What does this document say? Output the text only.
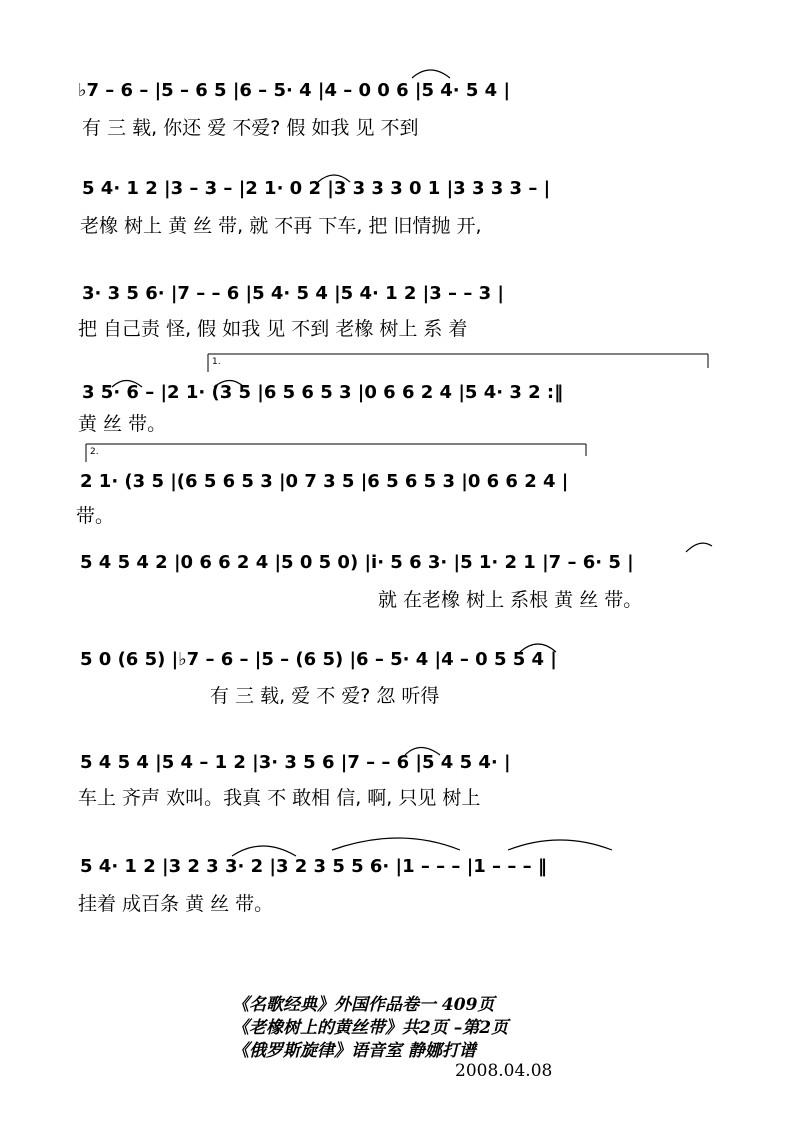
♭7 – 6 – |5 – 6 5 |6 – 5· 4 |4 – 0 0 6 |5 4· 5 4 |
有 三 载, 你还 爱 不爱? 假 如我 见 不到
5 4· 1 2 |3 – 3 – |2 1· 0 2 |3 3 3 3 0 1 |3 3 3 3 – |
老橡 树上 黄 丝 带, 就 不再 下车, 把 旧情抛 开,
3· 3 5 6· |7 – – 6 |5 4· 5 4 |5 4· 1 2 |3 – – 3 |
把 自己责 怪, 假 如我 见 不到 老橡 树上 系 着
1.
3 5· 6 – |2 1· (3 5 |6 5 6 5 3 |0 6 6 2 4 |5 4· 3 2 :‖
黄 丝 带。
2.
2 1· (3 5 |(6 5 6 5 3 |0 7 3 5 |6 5 6 5 3 |0 6 6 2 4 |
带。
5 4 5 4 2 |0 6 6 2 4 |5 0 5 0) |i· 5 6 3· |5 1· 2 1 |7 – 6· 5 |
就 在老橡 树上 系根 黄 丝 带。
5 0 (6 5) |♭7 – 6 – |5 – (6 5) |6 – 5· 4 |4 – 0 5 5 4 |
有 三 载, 爱 不 爱? 忽 听得
5 4 5 4 |5 4 – 1 2 |3· 3 5 6 |7 – – 6 |5 4 5 4· |
车上 齐声 欢叫。我真 不 敢相 信, 啊, 只见 树上
5 4· 1 2 |3 2 3 3· 2 |3 2 3 5 5 6· |1 – – – |1 – – – ‖
挂着 成百条 黄 丝 带。
《名歌经典》外国作品卷一 409页
《老橡树上的黄丝带》共2页 –第2页
《俄罗斯旋律》语音室 静娜打谱
2008.04.08
